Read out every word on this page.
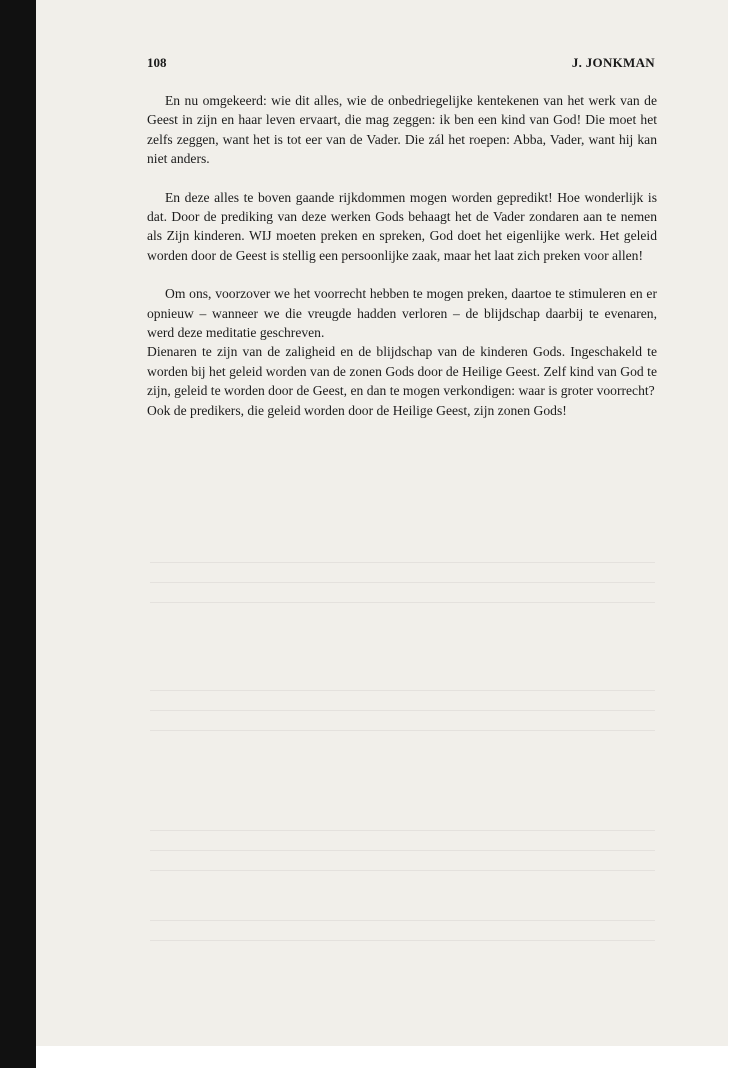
108	J. JONKMAN

En nu omgekeerd: wie dit alles, wie de onbedriegelijke kentekenen van het werk van de Geest in zijn en haar leven ervaart, die mag zeggen: ik ben een kind van God! Die moet het zelfs zeggen, want het is tot eer van de Vader. Die zál het roepen: Abba, Vader, want hij kan niet anders.

En deze alles te boven gaande rijkdommen mogen worden gepredikt! Hoe wonderlijk is dat. Door de prediking van deze werken Gods behaagt het de Vader zondaren aan te nemen als Zijn kinderen. WIJ moeten preken en spreken, God doet het eigenlijke werk. Het geleid worden door de Geest is stellig een persoonlijke zaak, maar het laat zich preken voor allen!

Om ons, voorzover we het voorrecht hebben te mogen preken, daartoe te stimuleren en er opnieuw – wanneer we die vreugde hadden verloren – de blijdschap daarbij te evenaren, werd deze meditatie geschreven.

Dienaren te zijn van de zaligheid en de blijdschap van de kinderen Gods. Ingeschakeld te worden bij het geleid worden van de zonen Gods door de Heilige Geest. Zelf kind van God te zijn, geleid te worden door de Geest, en dan te mogen verkondigen: waar is groter voorrecht?

Ook de predikers, die geleid worden door de Heilige Geest, zijn zonen Gods!
